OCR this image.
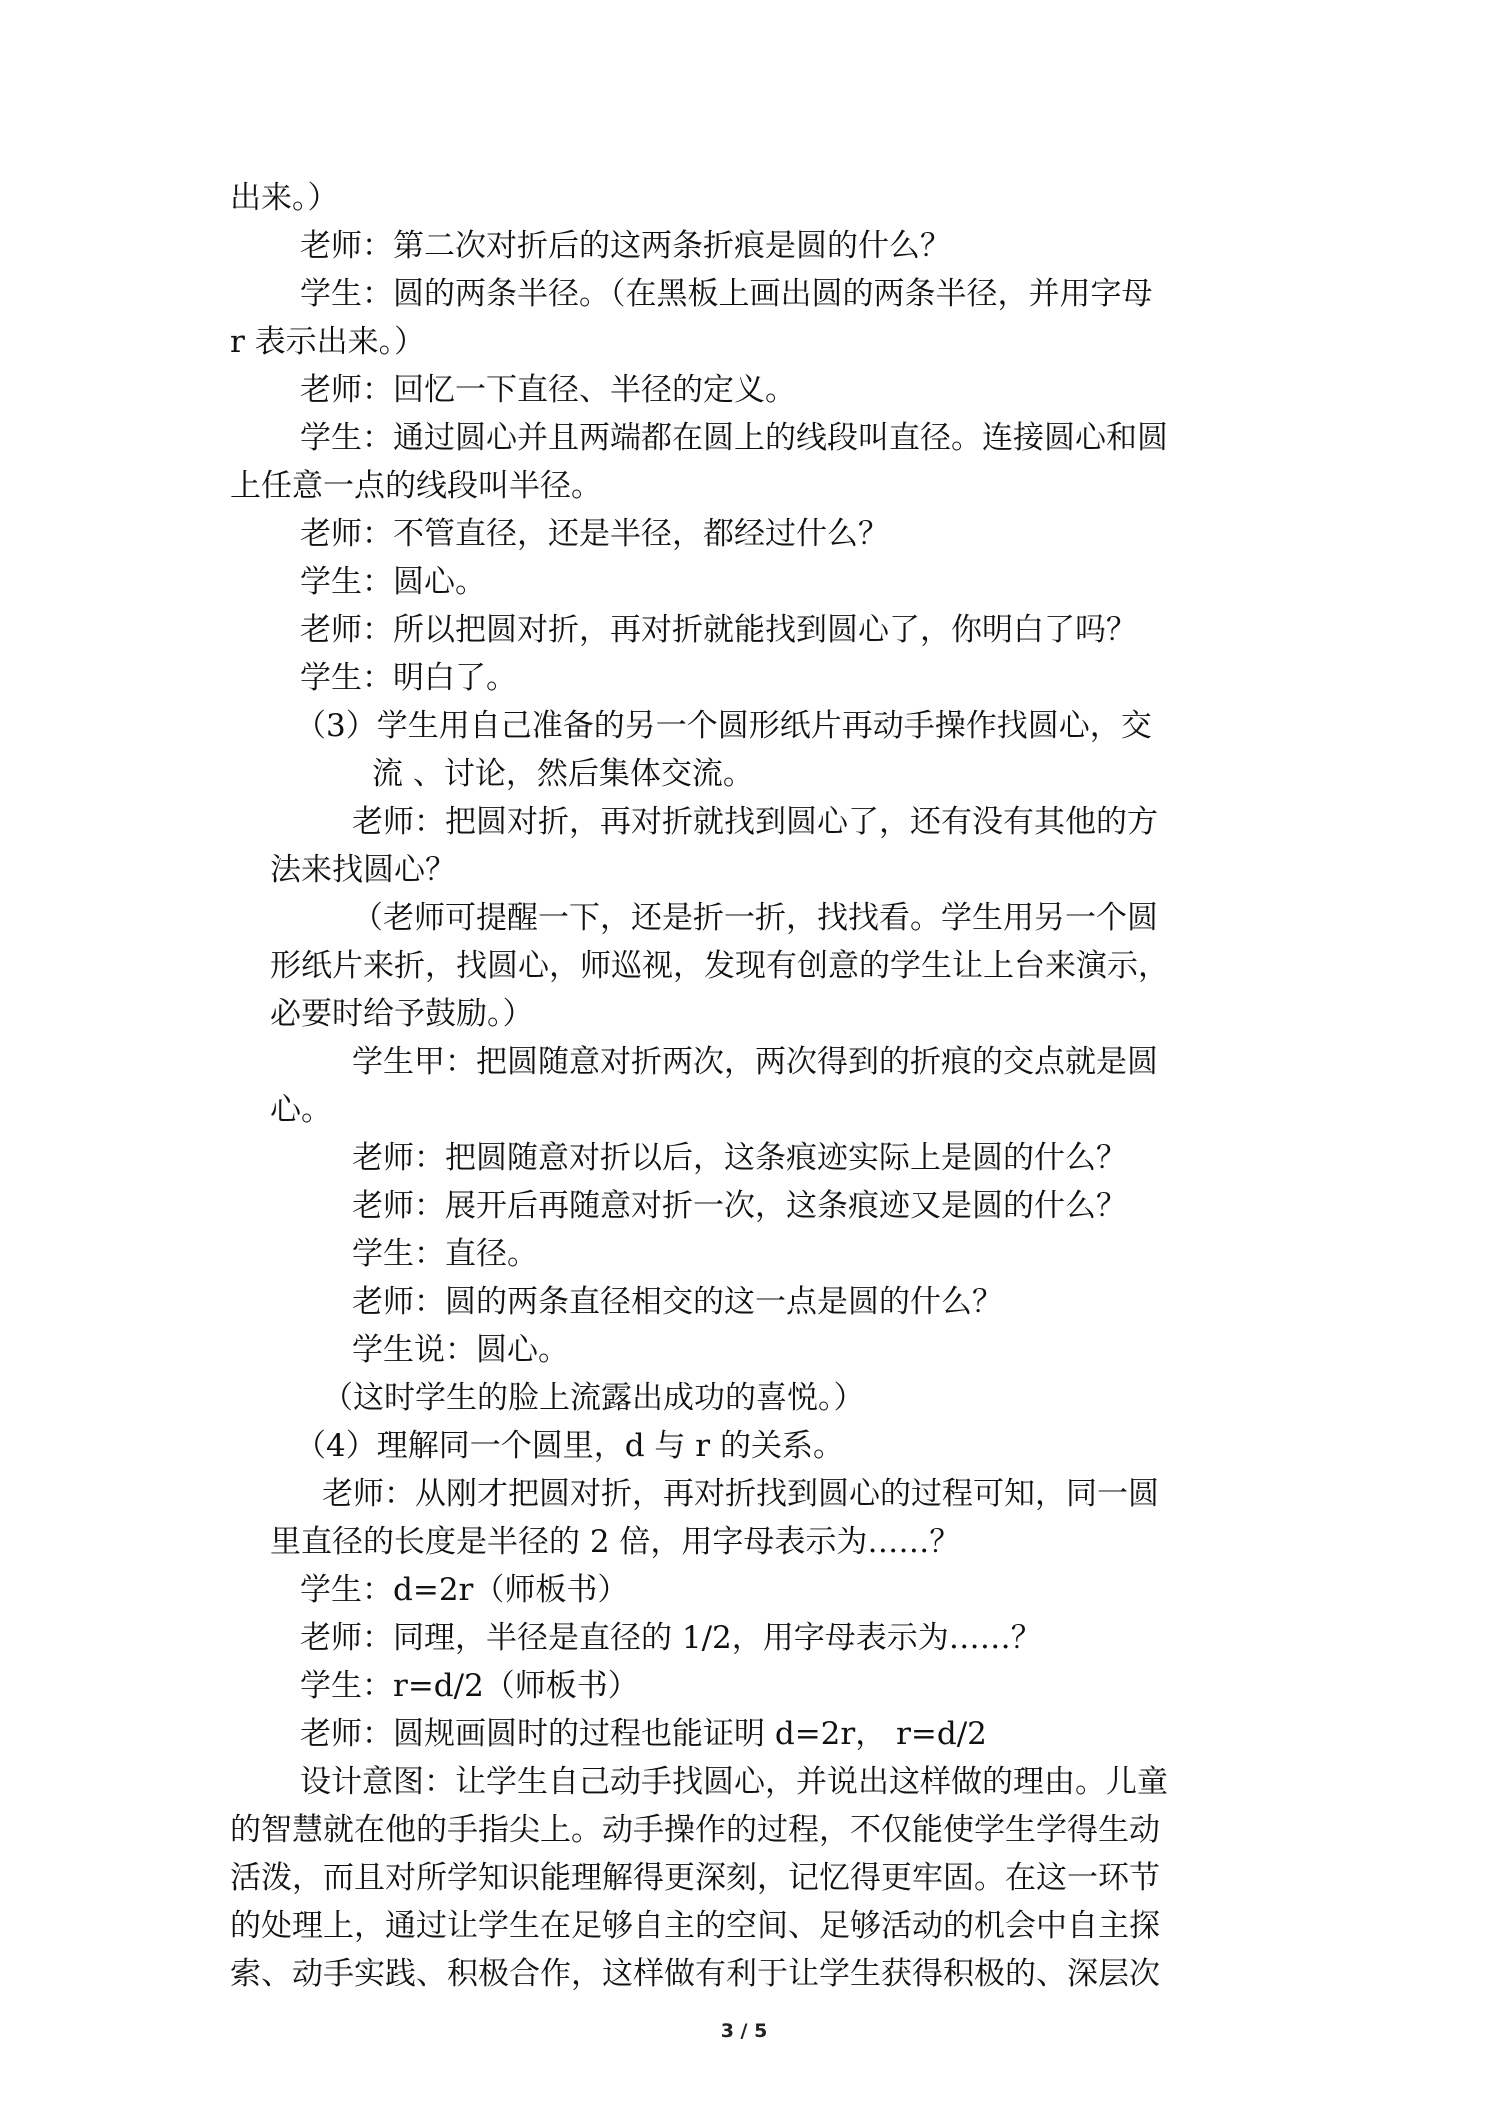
出来。）
老师：第二次对折后的这两条折痕是圆的什么？
学生：圆的两条半径。（在黑板上画出圆的两条半径，并用字母
r 表示出来。）
老师：回忆一下直径、半径的定义。
学生：通过圆心并且两端都在圆上的线段叫直径。连接圆心和圆
上任意一点的线段叫半径。
老师：不管直径，还是半径，都经过什么？
学生：圆心。
老师：所以把圆对折，再对折就能找到圆心了，你明白了吗？
学生：明白了。
（3）学生用自己准备的另一个圆形纸片再动手操作找圆心，交
流 、讨论，然后集体交流。
老师：把圆对折，再对折就找到圆心了，还有没有其他的方
法来找圆心？
（老师可提醒一下，还是折一折，找找看。学生用另一个圆
形纸片来折，找圆心，师巡视，发现有创意的学生让上台来演示，
必要时给予鼓励。）
学生甲：把圆随意对折两次，两次得到的折痕的交点就是圆
心。
老师：把圆随意对折以后，这条痕迹实际上是圆的什么？
老师：展开后再随意对折一次，这条痕迹又是圆的什么？
学生：直径。
老师：圆的两条直径相交的这一点是圆的什么？
学生说：圆心。
（这时学生的脸上流露出成功的喜悦。）
（4）理解同一个圆里，d 与 r 的关系。
老师：从刚才把圆对折，再对折找到圆心的过程可知，同一圆
里直径的长度是半径的 2 倍，用字母表示为……？
学生：d=2r（师板书）
老师：同理，半径是直径的 1/2，用字母表示为……？
学生：r=d/2（师板书）
老师：圆规画圆时的过程也能证明 d=2r， r=d/2
设计意图：让学生自己动手找圆心，并说出这样做的理由。儿童
的智慧就在他的手指尖上。动手操作的过程，不仅能使学生学得生动
活泼，而且对所学知识能理解得更深刻，记忆得更牢固。在这一环节
的处理上，通过让学生在足够自主的空间、足够活动的机会中自主探
索、动手实践、积极合作，这样做有利于让学生获得积极的、深层次
3 / 5
